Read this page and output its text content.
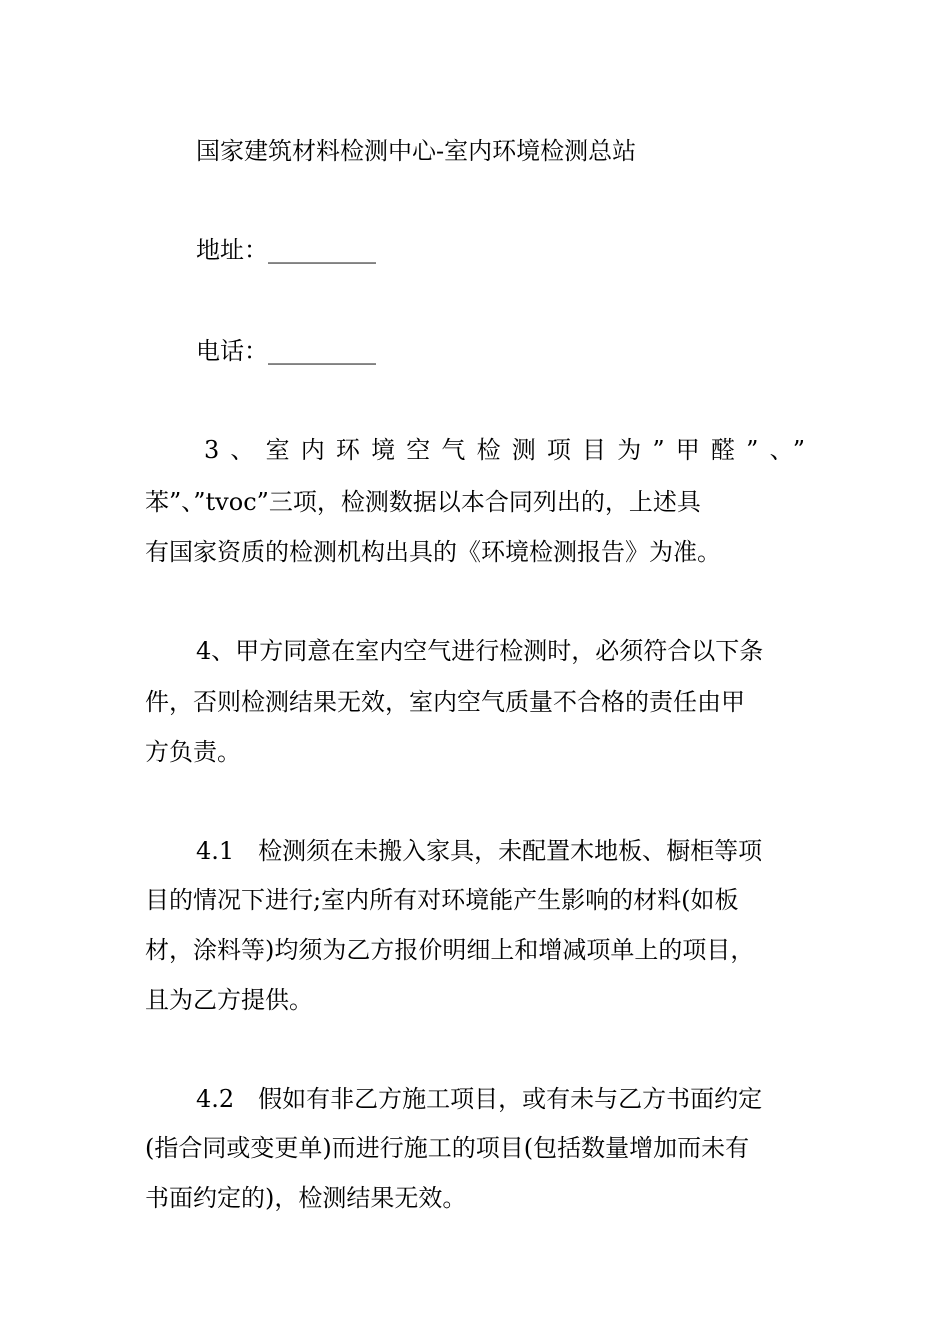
国家建筑材料检测中心-室内环境检测总站
地址：_________
电话：_________
3、室内环境空气检测项目为”甲醛”、”
苯”、”tvoc”三项，检测数据以本合同列出的，上述具
有国家资质的检测机构出具的《环境检测报告》为准。
4、甲方同意在室内空气进行检测时，必须符合以下条
件，否则检测结果无效，室内空气质量不合格的责任由甲
方负责。
4.1　检测须在未搬入家具，未配置木地板、橱柜等项
目的情况下进行;室内所有对环境能产生影响的材料(如板
材，涂料等)均须为乙方报价明细上和增减项单上的项目，
且为乙方提供。
4.2　假如有非乙方施工项目，或有未与乙方书面约定
(指合同或变更单)而进行施工的项目(包括数量增加而未有
书面约定的)，检测结果无效。
